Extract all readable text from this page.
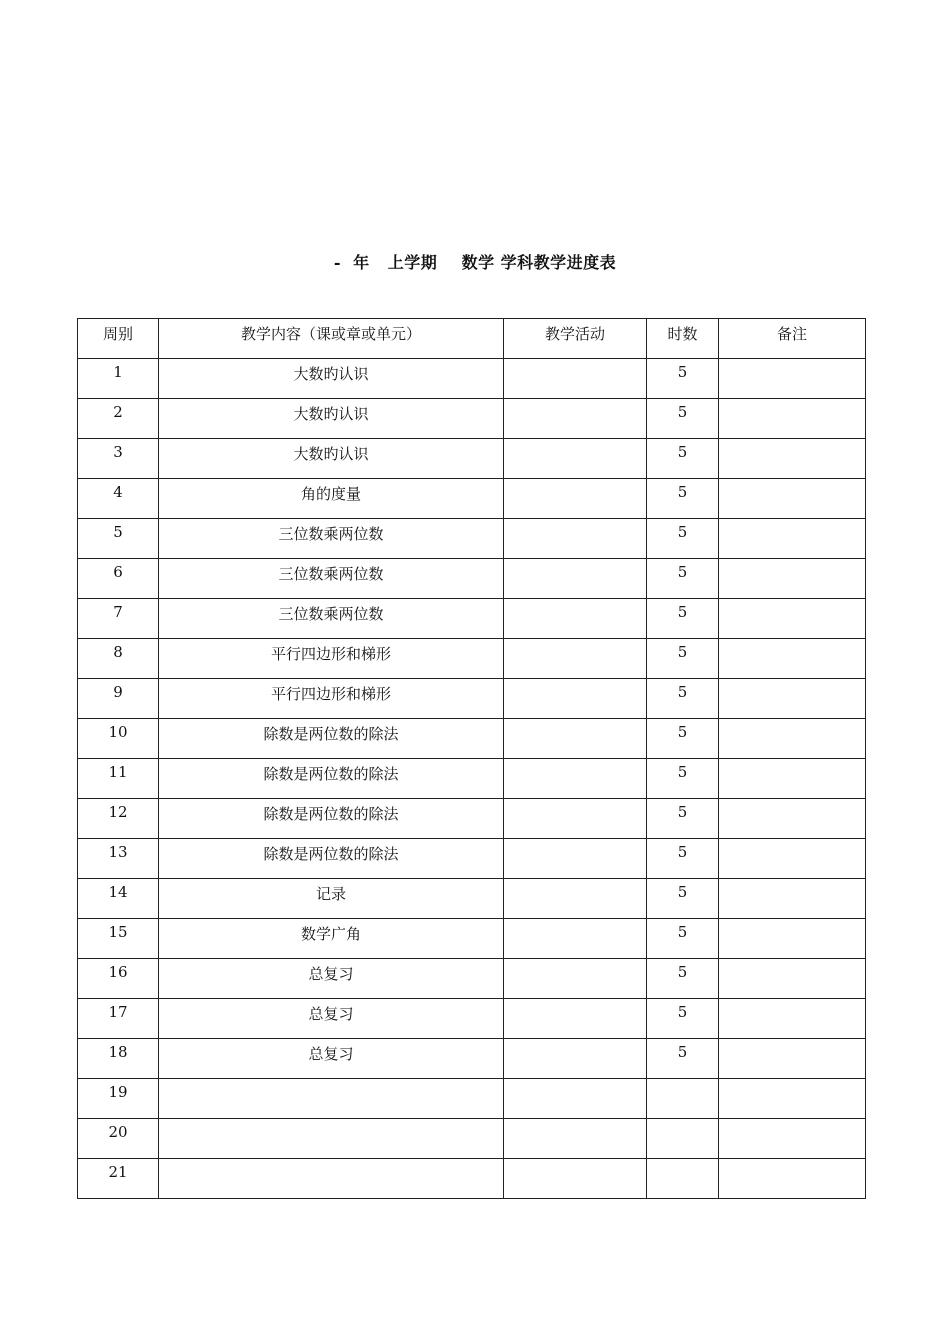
-  年   上学期    数学 学科教学进度表
周别	教学内容（课或章或单元）	教学活动	时数	备注
1	大数旳认识		5	
2	大数旳认识		5	
3	大数旳认识		5	
4	角的度量		5	
5	三位数乘两位数		5	
6	三位数乘两位数		5	
7	三位数乘两位数		5	
8	平行四边形和梯形		5	
9	平行四边形和梯形		5	
10	除数是两位数的除法		5	
11	除数是两位数的除法		5	
12	除数是两位数的除法		5	
13	除数是两位数的除法		5	
14	记录		5	
15	数学广角		5	
16	总复习		5	
17	总复习		5	
18	总复习		5	
19				
20				
21				
